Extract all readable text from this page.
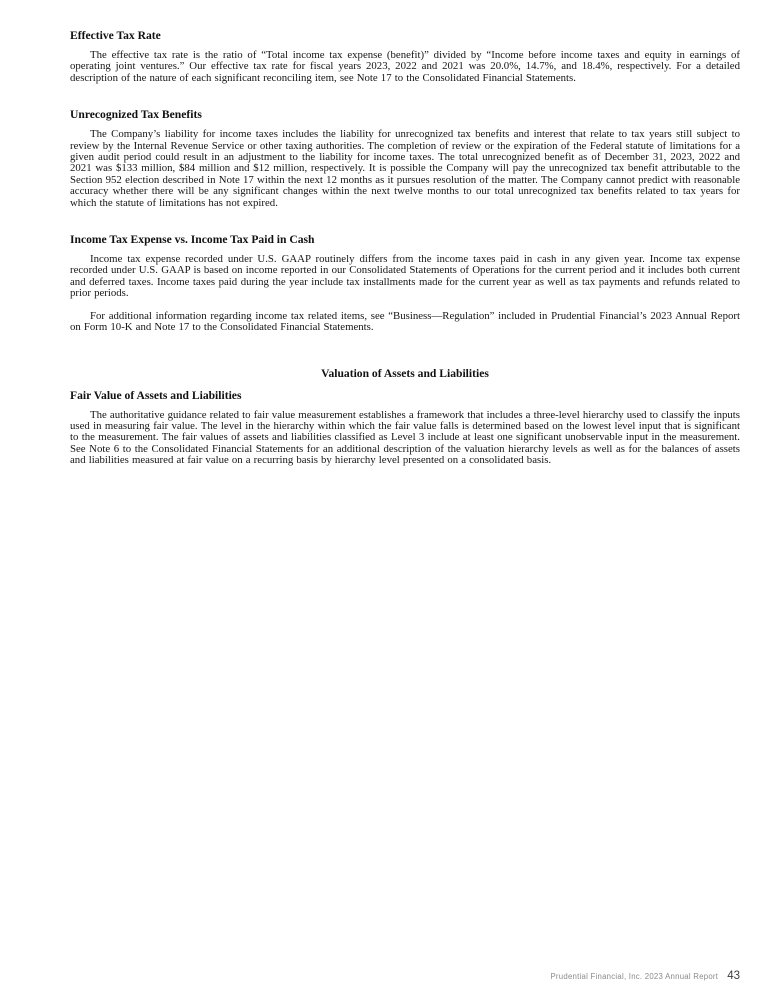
Effective Tax Rate

The effective tax rate is the ratio of “Total income tax expense (benefit)” divided by “Income before income taxes and equity in earnings of operating joint ventures.” Our effective tax rate for fiscal years 2023, 2022 and 2021 was 20.0%, 14.7%, and 18.4%, respectively. For a detailed description of the nature of each significant reconciling item, see Note 17 to the Consolidated Financial Statements.

Unrecognized Tax Benefits

The Company’s liability for income taxes includes the liability for unrecognized tax benefits and interest that relate to tax years still subject to review by the Internal Revenue Service or other taxing authorities. The completion of review or the expiration of the Federal statute of limitations for a given audit period could result in an adjustment to the liability for income taxes. The total unrecognized benefit as of December 31, 2023, 2022 and 2021 was $133 million, $84 million and $12 million, respectively. It is possible the Company will pay the unrecognized tax benefit attributable to the Section 952 election described in Note 17 within the next 12 months as it pursues resolution of the matter. The Company cannot predict with reasonable accuracy whether there will be any significant changes within the next twelve months to our total unrecognized tax benefits related to tax years for which the statute of limitations has not expired.

Income Tax Expense vs. Income Tax Paid in Cash

Income tax expense recorded under U.S. GAAP routinely differs from the income taxes paid in cash in any given year. Income tax expense recorded under U.S. GAAP is based on income reported in our Consolidated Statements of Operations for the current period and it includes both current and deferred taxes. Income taxes paid during the year include tax installments made for the current year as well as tax payments and refunds related to prior periods.

For additional information regarding income tax related items, see “Business—Regulation” included in Prudential Financial’s 2023 Annual Report on Form 10-K and Note 17 to the Consolidated Financial Statements.

Valuation of Assets and Liabilities
Fair Value of Assets and Liabilities

The authoritative guidance related to fair value measurement establishes a framework that includes a three-level hierarchy used to classify the inputs used in measuring fair value. The level in the hierarchy within which the fair value falls is determined based on the lowest level input that is significant to the measurement. The fair values of assets and liabilities classified as Level 3 include at least one significant unobservable input in the measurement. See Note 6 to the Consolidated Financial Statements for an additional description of the valuation hierarchy levels as well as for the balances of assets and liabilities measured at fair value on a recurring basis by hierarchy level presented on a consolidated basis.

Prudential Financial, Inc. 2023 Annual Report 43
